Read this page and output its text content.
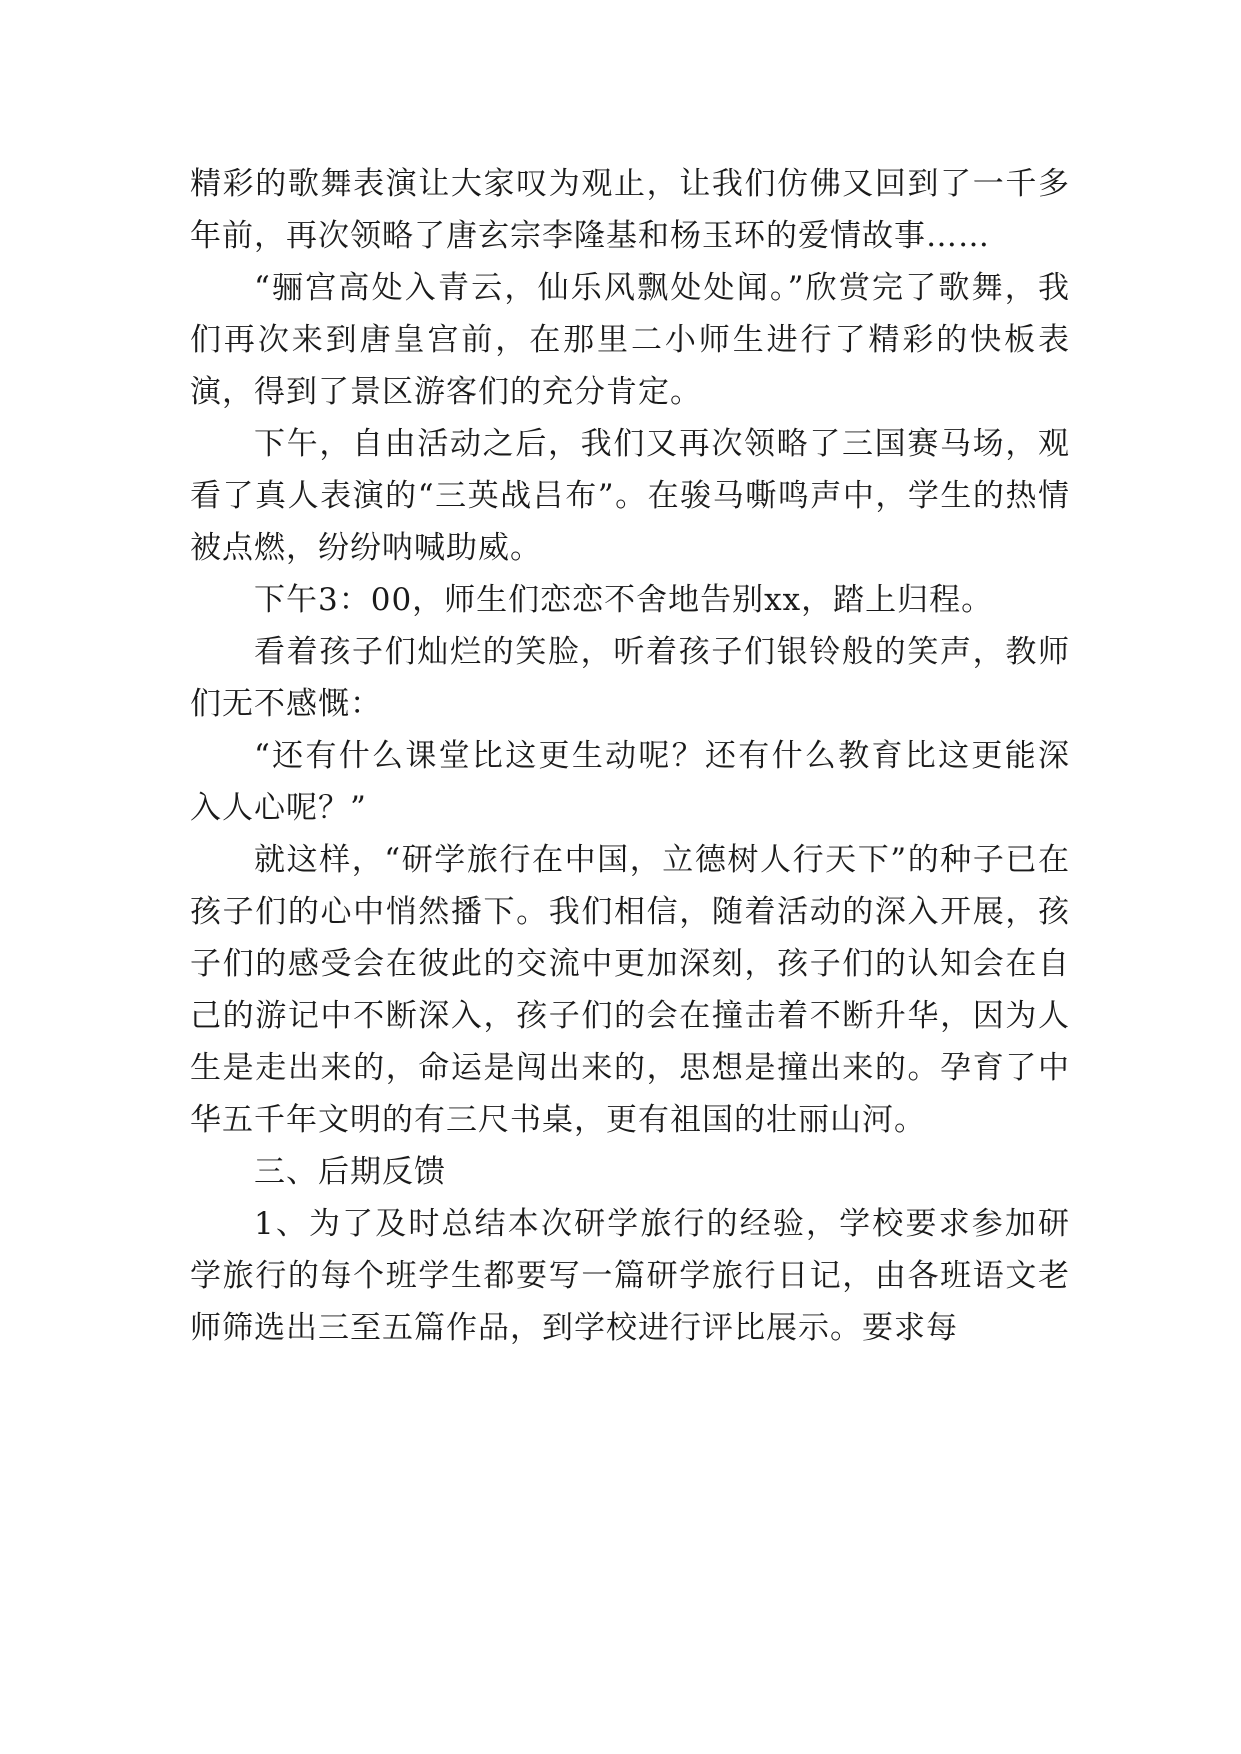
精彩的歌舞表演让大家叹为观止，让我们仿佛又回到了一千多年前，再次领略了唐玄宗李隆基和杨玉环的爱情故事……

“骊宫高处入青云，仙乐风飘处处闻。”欣赏完了歌舞，我们再次来到唐皇宫前，在那里二小师生进行了精彩的快板表演，得到了景区游客们的充分肯定。

下午，自由活动之后，我们又再次领略了三国赛马场，观看了真人表演的“三英战吕布”。在骏马嘶鸣声中，学生的热情被点燃，纷纷呐喊助威。

下午3：00，师生们恋恋不舍地告别xx，踏上归程。

看着孩子们灿烂的笑脸，听着孩子们银铃般的笑声，教师们无不感慨：

“还有什么课堂比这更生动呢？还有什么教育比这更能深入人心呢？”

就这样，“研学旅行在中国，立德树人行天下”的种子已在孩子们的心中悄然播下。我们相信，随着活动的深入开展，孩子们的感受会在彼此的交流中更加深刻，孩子们的认知会在自己的游记中不断深入，孩子们的会在撞击着不断升华，因为人生是走出来的，命运是闯出来的，思想是撞出来的。孕育了中华五千年文明的有三尺书桌，更有祖国的壮丽山河。

三、后期反馈

1、为了及时总结本次研学旅行的经验，学校要求参加研学旅行的每个班学生都要写一篇研学旅行日记，由各班语文老师筛选出三至五篇作品，到学校进行评比展示。要求每
